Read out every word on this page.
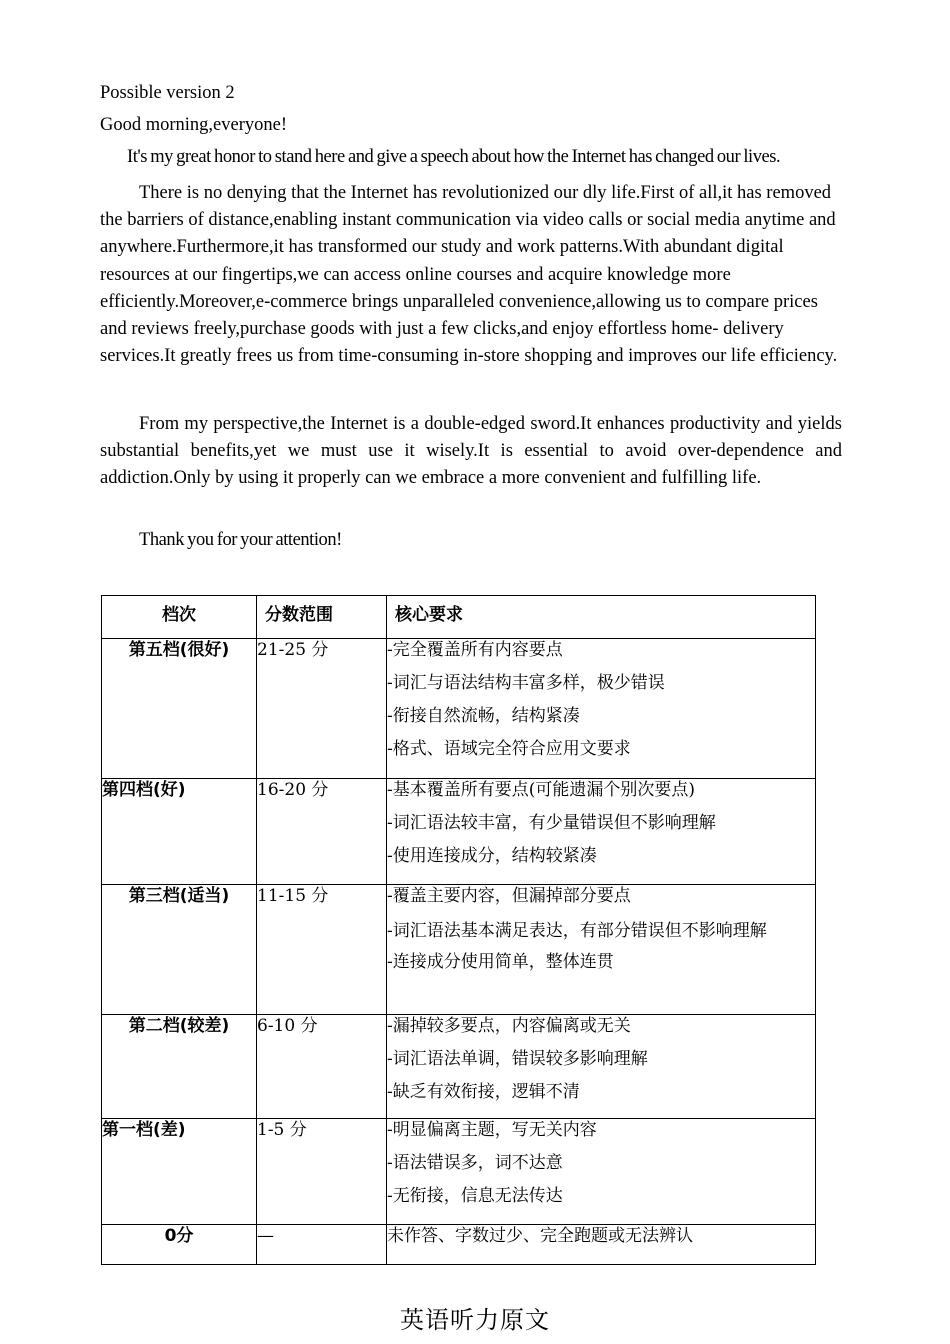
Possible version 2

Good morning,everyone!

It's my great honor to stand here and give a speech about how the Internet has changed our lives.

There is no denying that the Internet has revolutionized our dly life.First of all,it has removed the barriers of distance,enabling instant communication via video calls or social media anytime and anywhere.Furthermore,it has transformed our study and work patterns.With abundant digital resources at our fingertips,we can access online courses and acquire knowledge more efficiently.Moreover,e-commerce brings unparalleled convenience,allowing us to compare prices and reviews freely,purchase goods with just a few clicks,and enjoy effortless home- delivery services.It greatly frees us from time-consuming in-store shopping and improves our life efficiency.

From my perspective,the Internet is a double-edged sword.It enhances productivity and yields substantial benefits,yet we must use it wisely.It is essential to avoid over-dependence and addiction.Only by using it properly can we embrace a more convenient and fulfilling life.

Thank you for your attention!

档次	分数范围	核心要求
第五档(很好)	21-25 分	-完全覆盖所有内容要点
-词汇与语法结构丰富多样，极少错误
-衔接自然流畅，结构紧凑
-格式、语域完全符合应用文要求

第四档(好)	16-20 分	-基本覆盖所有要点(可能遗漏个别次要点)
-词汇语法较丰富，有少量错误但不影响理解
-使用连接成分，结构较紧凑

第三档(适当)	11-15 分	-覆盖主要内容，但漏掉部分要点
-词汇语法基本满足表达，有部分错误但不影响理解
-连接成分使用简单，整体连贯

第二档(较差)	6-10 分	-漏掉较多要点，内容偏离或无关
-词汇语法单调，错误较多影响理解
-缺乏有效衔接，逻辑不清

第一档(差)	1-5 分	-明显偏离主题，写无关内容
-语法错误多，词不达意
-无衔接，信息无法传达

0分	—	未作答、字数过少、完全跑题或无法辨认
英语听力原文
